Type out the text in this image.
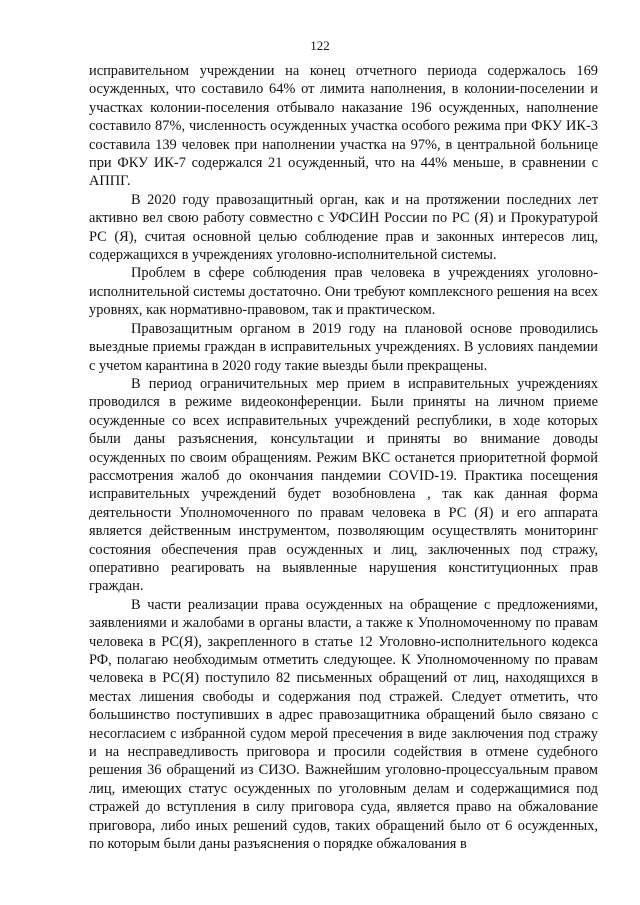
122

исправительном учреждении на конец отчетного периода содержалось 169 осужденных, что составило 64% от лимита наполнения, в колонии-поселении и участках колонии-поселения отбывало наказание 196 осужденных, наполнение составило 87%, численность осужденных участка особого режима при ФКУ ИК-3 составила 139 человек при наполнении участка на 97%, в центральной больнице при ФКУ ИК-7 содержался 21 осужденный, что на 44% меньше, в сравнении с АППГ.

В 2020 году правозащитный орган, как и на протяжении последних лет активно вел свою работу совместно с УФСИН России по РС (Я) и Прокуратурой РС (Я), считая основной целью соблюдение прав и законных интересов лиц, содержащихся в учреждениях уголовно-исполнительной системы.

Проблем в сфере соблюдения прав человека в учреждениях уголовно-исполнительной системы достаточно. Они требуют комплексного решения на всех уровнях, как нормативно-правовом, так и практическом.

Правозащитным органом в 2019 году на плановой основе проводились выездные приемы граждан в исправительных учреждениях. В условиях пандемии с учетом карантина в 2020 году такие выезды были прекращены.

В период ограничительных мер прием в исправительных учреждениях проводился в режиме видеоконференции. Были приняты на личном приеме осужденные со всех исправительных учреждений республики, в ходе которых были даны разъяснения, консультации и приняты во внимание доводы осужденных по своим обращениям. Режим ВКС останется приоритетной формой рассмотрения жалоб до окончания пандемии COVID-19. Практика посещения исправительных учреждений будет возобновлена , так как данная форма деятельности Уполномоченного по правам человека в РС (Я) и его аппарата является действенным инструментом, позволяющим осуществлять мониторинг состояния обеспечения прав осужденных и лиц, заключенных под стражу, оперативно реагировать на выявленные нарушения конституционных прав граждан.

В части реализации права осужденных на обращение с предложениями, заявлениями и жалобами в органы власти, а также к Уполномоченному по правам человека в РС(Я), закрепленного в статье 12 Уголовно-исполнительного кодекса РФ, полагаю необходимым отметить следующее. К Уполномоченному по правам человека в РС(Я) поступило 82 письменных обращений от лиц, находящихся в местах лишения свободы и содержания под стражей. Следует отметить, что большинство поступивших в адрес правозащитника обращений было связано с несогласием с избранной судом мерой пресечения в виде заключения под стражу и на несправедливость приговора и просили содействия в отмене судебного решения 36 обращений из СИЗО. Важнейшим уголовно-процессуальным правом лиц, имеющих статус осужденных по уголовным делам и содержащимися под стражей до вступления в силу приговора суда, является право на обжалование приговора, либо иных решений судов, таких обращений было от 6 осужденных, по которым были даны разъяснения о порядке обжалования в
